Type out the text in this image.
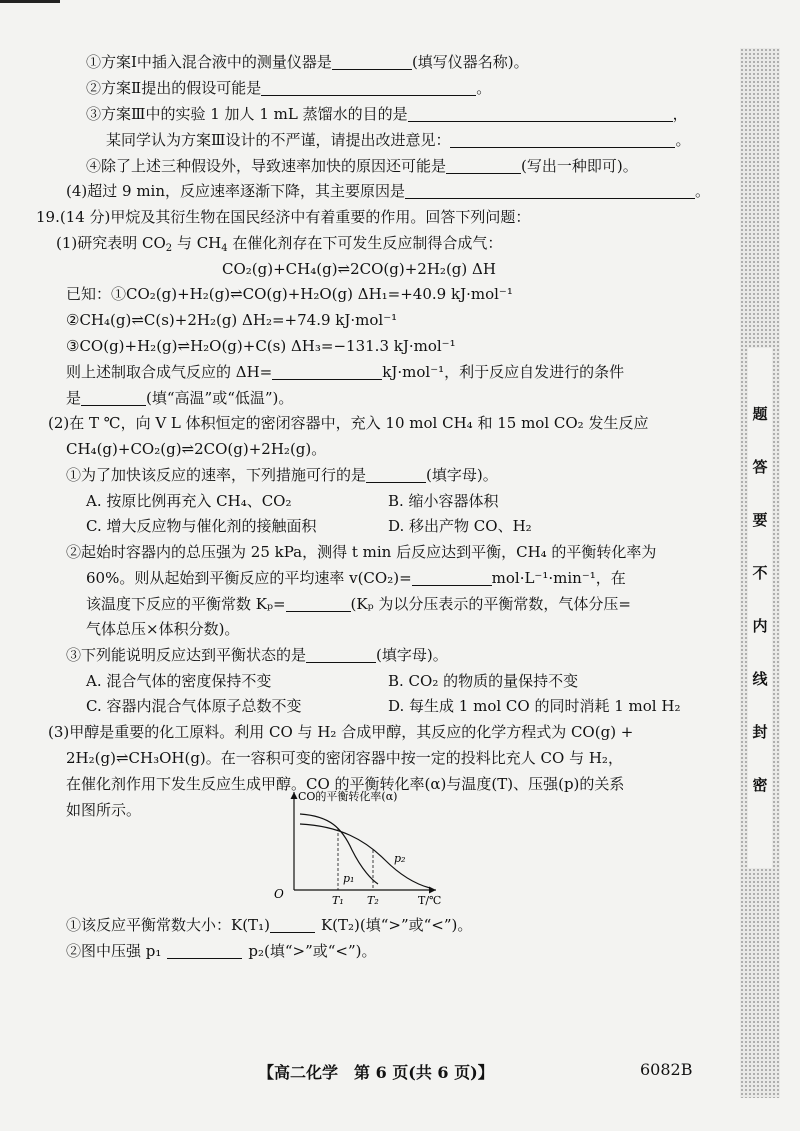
①方案Ⅰ中插入混合液中的测量仪器是	(填写仪器名称)。
②方案Ⅱ提出的假设可能是	。
③方案Ⅲ中的实验 1 加人 1 mL 蒸馏水的目的是	，
某同学认为方案Ⅲ设计的不严谨，请提出改进意见：	。
④除了上述三种假设外，导致速率加快的原因还可能是	(写出一种即可)。
(4)超过 9 min，反应速率逐渐下降，其主要原因是	。
19.(14 分)甲烷及其衍生物在国民经济中有着重要的作用。回答下列问题：
(1)研究表明 $CO_2$ 与 $CH_4$ 在催化剂存在下可发生反应制得合成气：
CO₂(g)+CH₄(g)⇌2CO(g)+2H₂(g) ΔH
已知：①CO₂(g)+H₂(g)⇌CO(g)+H₂O(g) ΔH₁=+40.9 kJ·mol⁻¹
②CH₄(g)⇌C(s)+2H₂(g) ΔH₂=+74.9 kJ·mol⁻¹
③CO(g)+H₂(g)⇌H₂O(g)+C(s) ΔH₃=−131.3 kJ·mol⁻¹
则上述制取合成气反应的 ΔH=	kJ·mol⁻¹，利于反应自发进行的条件
是	(填“高温”或“低温”)。
(2)在 T ℃，向 V L 体积恒定的密闭容器中，充入 10 mol CH₄ 和 15 mol CO₂ 发生反应
CH₄(g)+CO₂(g)⇌2CO(g)+2H₂(g)。
①为了加快该反应的速率，下列措施可行的是	(填字母)。
A. 按原比例再充入 CH₄、CO₂	B. 缩小容器体积
C. 增大反应物与催化剂的接触面积	D. 移出产物 CO、H₂
②起始时容器内的总压强为 25 kPa，测得 t min 后反应达到平衡，CH₄ 的平衡转化率为
60%。则从起始到平衡反应的平均速率 v(CO₂)=	mol·L⁻¹·min⁻¹，在
该温度下反应的平衡常数 Kₚ=	(Kₚ 为以分压表示的平衡常数，气体分压=
气体总压×体积分数)。
③下列能说明反应达到平衡状态的是	(填字母)。
A. 混合气体的密度保持不变	B. CO₂ 的物质的量保持不变
C. 容器内混合气体原子总数不变	D. 每生成 1 mol CO 的同时消耗 1 mol H₂
(3)甲醇是重要的化工原料。利用 CO 与 H₂ 合成甲醇，其反应的化学方程式为 CO(g) +
2H₂(g)⇌CH₃OH(g)。在一容积可变的密闭容器中按一定的投料比充人 CO 与 H₂，
在催化剂作用下发生反应生成甲醇。CO 的平衡转化率(α)与温度(T)、压强(p)的关系
如图所示。
CO的平衡转化率(α)
O	T/℃
T₁ T₂
p₁
p₂
①该反应平衡常数大小：K(T₁)	K(T₂)(填“>”或“<”)。
②图中压强 p₁	p₂(填“>”或“<”)。
题
答
要
不
内
线
封
密
【高二化学　第 6 页(共 6 页)】	6082B
